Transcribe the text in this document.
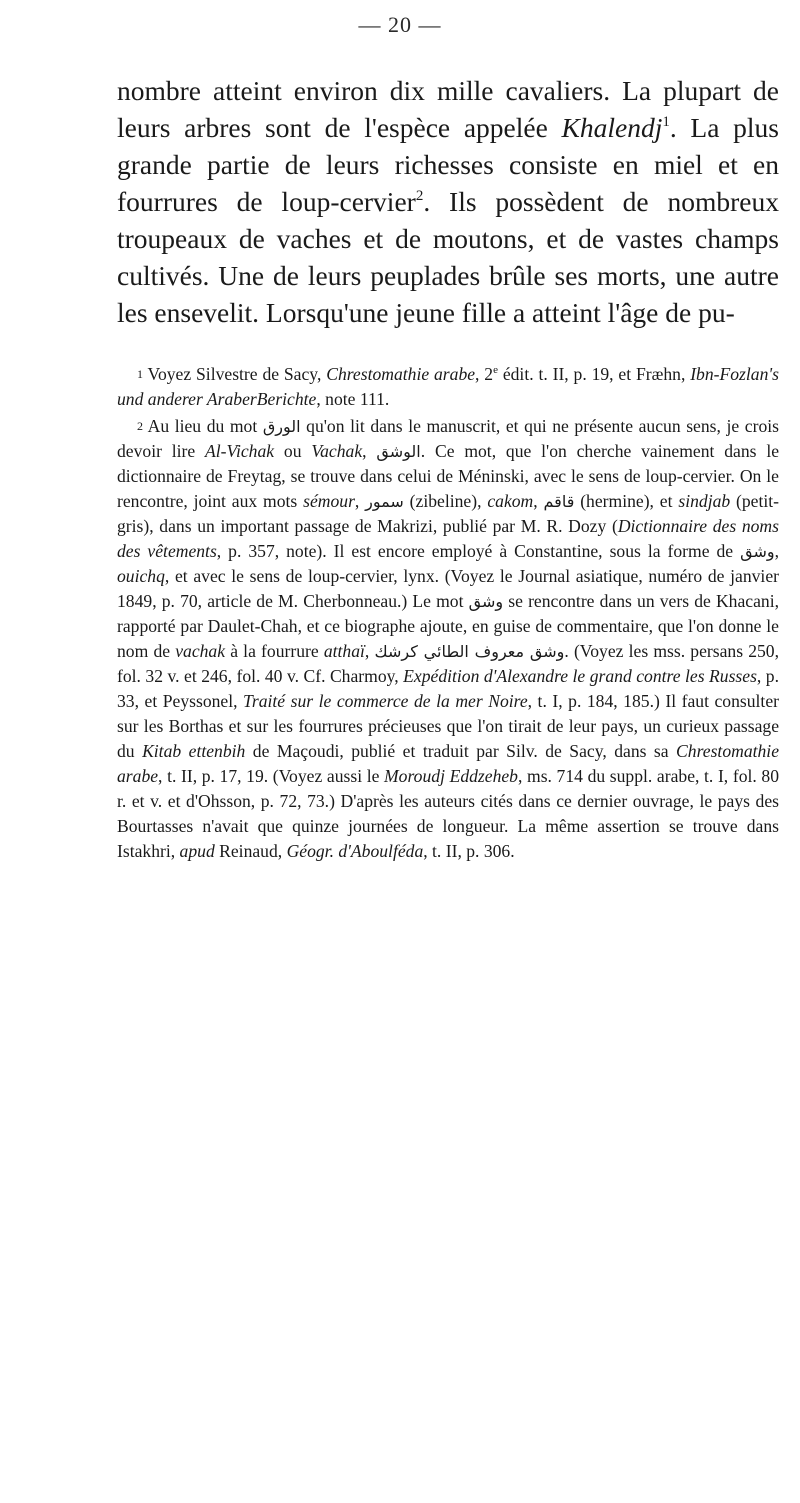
— 20 —

nombre atteint environ dix mille cavaliers. La plupart de leurs arbres sont de l'espèce appelée Khalendj$^1$. La plus grande partie de leurs richesses consiste en miel et en fourrures de loup-cervier$^2$. Ils possèdent de nombreux troupeaux de vaches et de moutons, et de vastes champs cultivés. Une de leurs peuplades brûle ses morts, une autre les ensevelit. Lorsqu'une jeune fille a atteint l'âge de pu-

1 Voyez Silvestre de Sacy, Chrestomathie arabe, 2e édit. t. II, p. 19, et Fræhn, Ibn-Fozlan's und anderer AraberBerichte, note 111.

2 Au lieu du mot الورق qu'on lit dans le manuscrit, et qui ne présente aucun sens, je crois devoir lire Al-Vichak ou Vachak, الوشق. Ce mot, que l'on cherche vainement dans le dictionnaire de Freytag, se trouve dans celui de Méninski, avec le sens de loup-cervier. On le rencontre, joint aux mots sémour, سمور (zibeline), cakom, قاقم (hermine), et sindjab (petit-gris), dans un important passage de Makrizi, publié par M. R. Dozy (Dictionnaire des noms des vêtements, p. 357, note). Il est encore employé à Constantine, sous la forme de وشق, ouichq, et avec le sens de loup-cervier, lynx. (Voyez le Journal asiatique, numéro de janvier 1849, p. 70, article de M. Cherbonneau.) Le mot وشق se rencontre dans un vers de Khacani, rapporté par Daulet-Chah, et ce biographe ajoute, en guise de commentaire, que l'on donne le nom de vachak à la fourrure atthaï, وشق معروف الطائي كرشك. (Voyez les mss. persans 250, fol. 32 v. et 246, fol. 40 v. Cf. Charmoy, Expédition d'Alexandre le grand contre les Russes, p. 33, et Peyssonel, Traité sur le commerce de la mer Noire, t. I, p. 184, 185.) Il faut consulter sur les Borthas et sur les fourrures précieuses que l'on tirait de leur pays, un curieux passage du Kitab ettenbih de Maçoudi, publié et traduit par Silv. de Sacy, dans sa Chrestomathie arabe, t. II, p. 17, 19. (Voyez aussi le Moroudj Eddzeheb, ms. 714 du suppl. arabe, t. I, fol. 80 r. et v. et d'Ohsson, p. 72, 73.) D'après les auteurs cités dans ce dernier ouvrage, le pays des Bourtasses n'avait que quinze journées de longueur. La même assertion se trouve dans Istakhri, apud Reinaud, Géogr. d'Aboulféda, t. II, p. 306.
